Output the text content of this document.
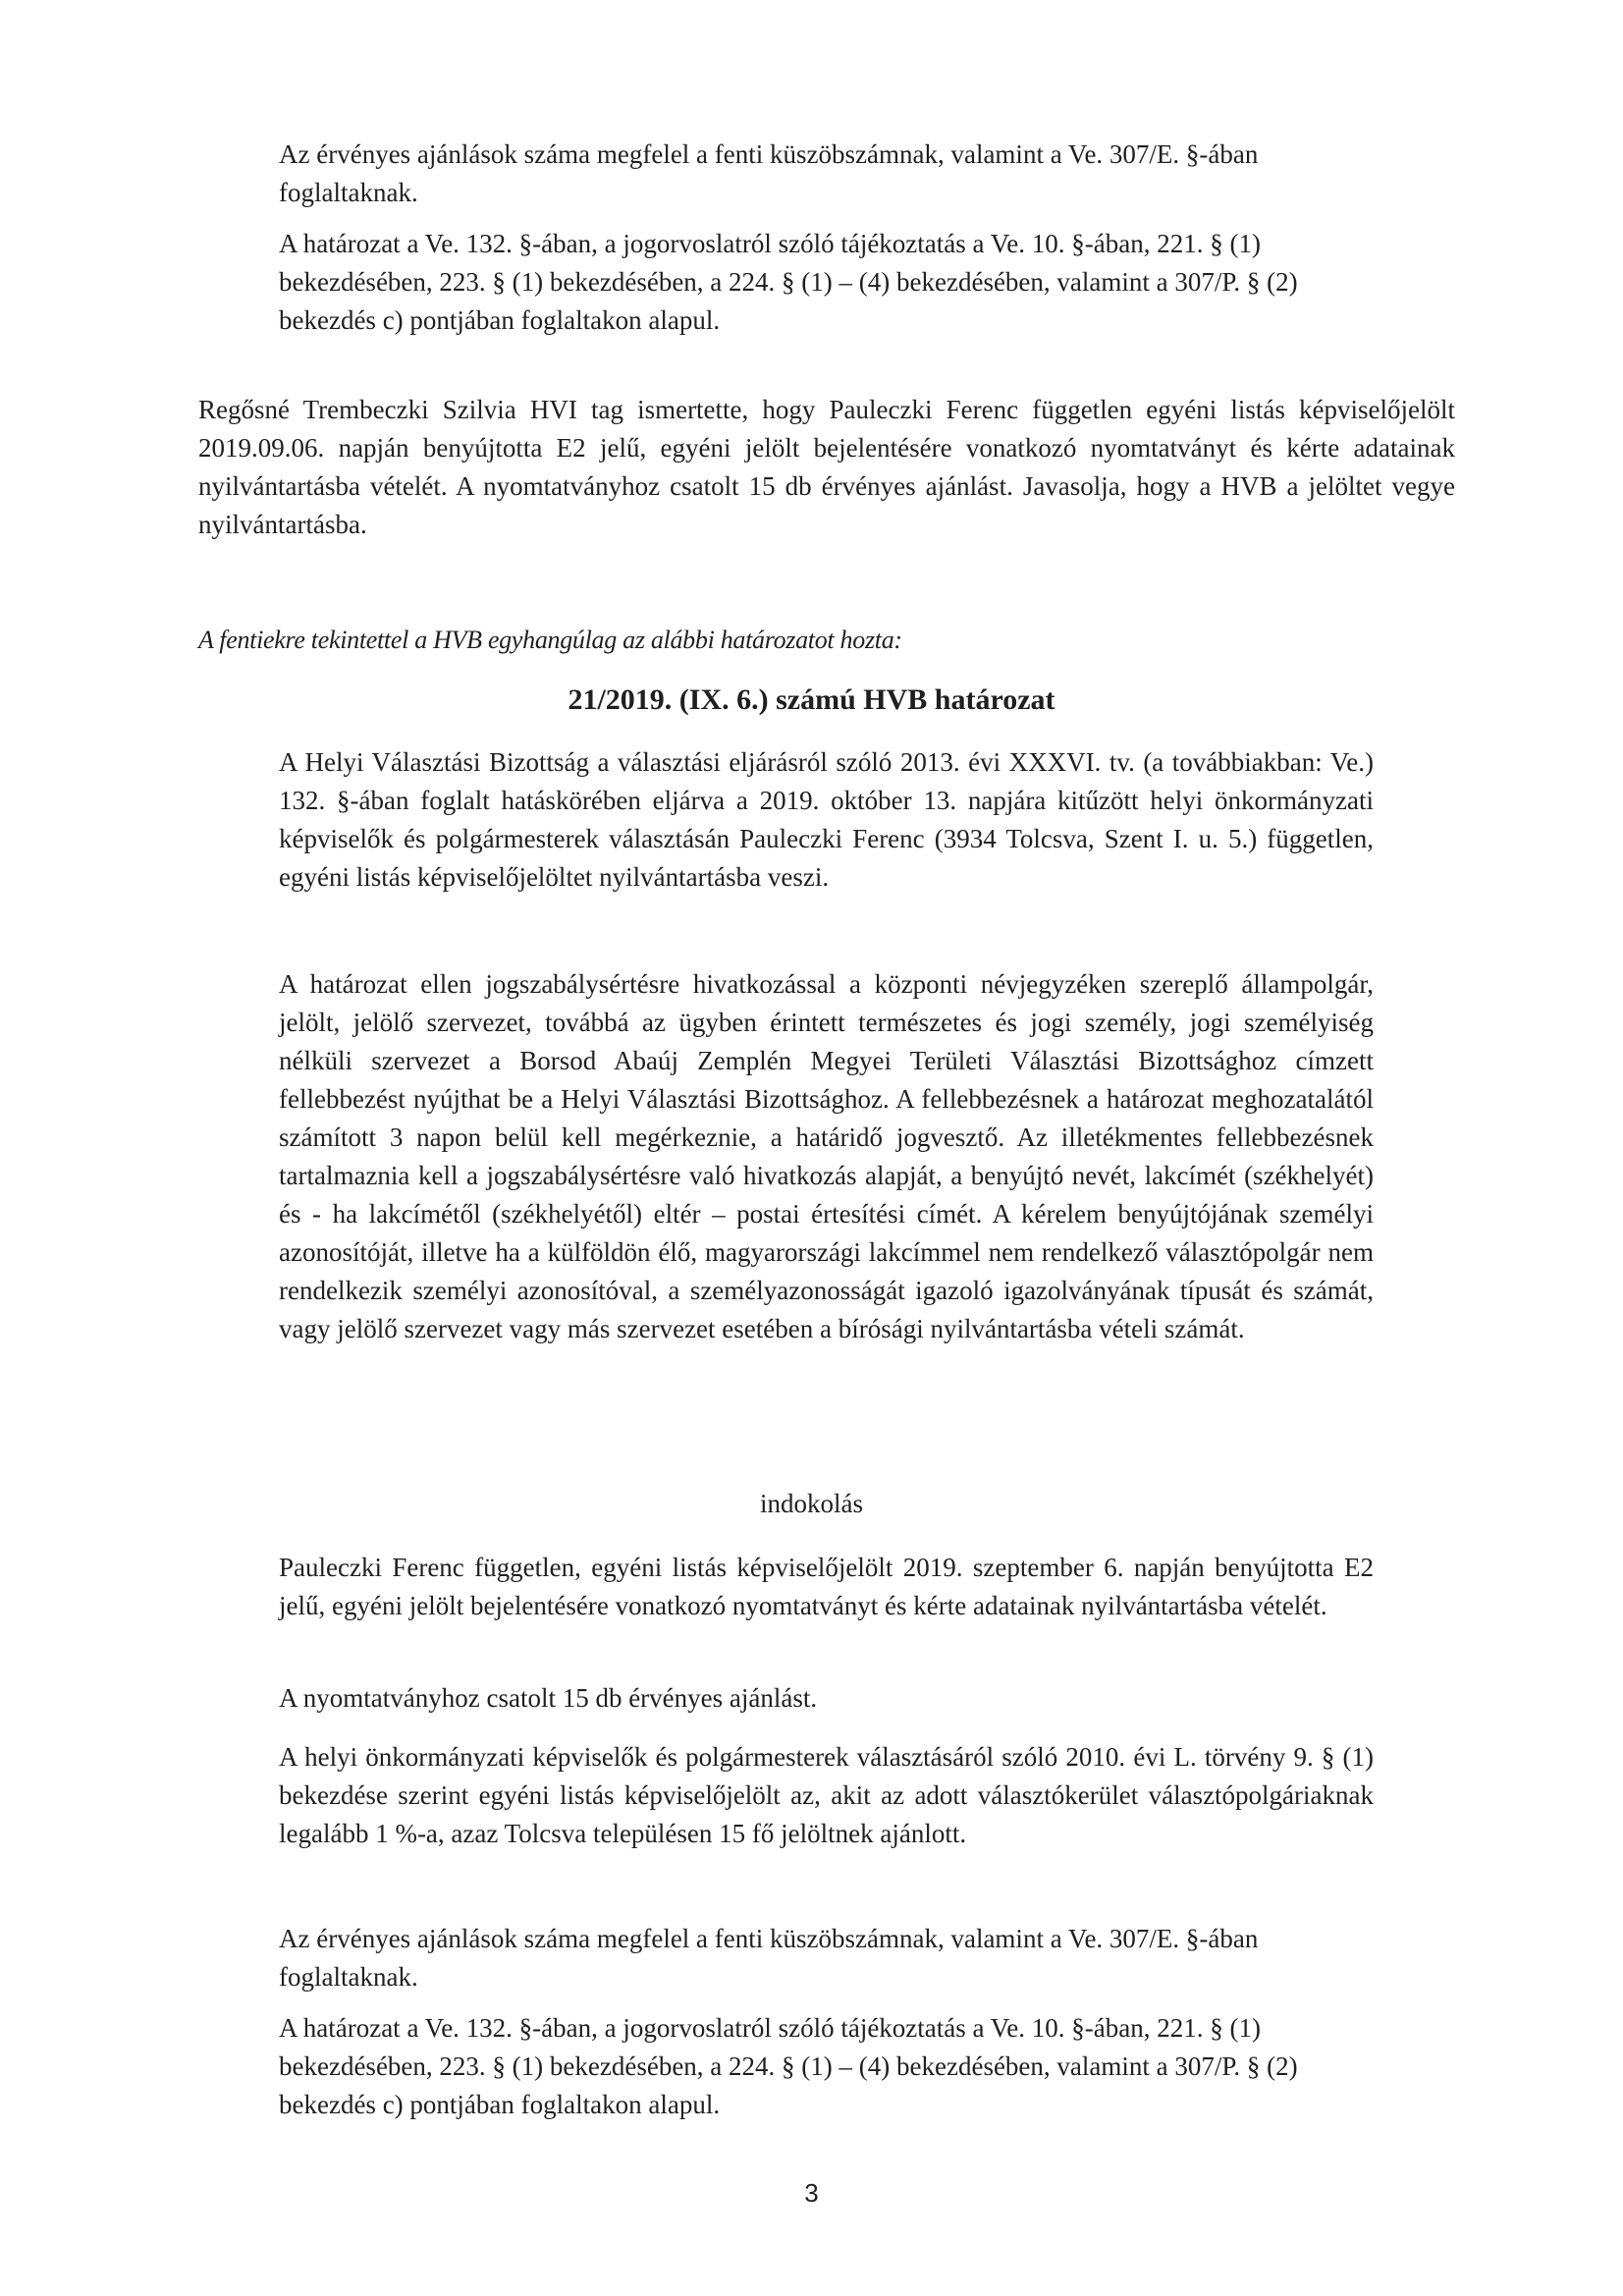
Az érvényes ajánlások száma megfelel a fenti küszöbszámnak, valamint a Ve. 307/E. §-ában foglaltaknak.

A határozat a Ve. 132. §-ában, a jogorvoslatról szóló tájékoztatás a Ve. 10. §-ában, 221. § (1) bekezdésében, 223. § (1) bekezdésében, a 224. § (1) – (4) bekezdésében, valamint a 307/P. § (2) bekezdés c) pontjában foglaltakon alapul.

Regősné Trembeczki Szilvia HVI tag ismertette, hogy Pauleczki Ferenc független egyéni listás képviselőjelölt 2019.09.06. napján benyújtotta E2 jelű, egyéni jelölt bejelentésére vonatkozó nyomtatványt és kérte adatainak nyilvántartásba vételét. A nyomtatványhoz csatolt 15 db érvényes ajánlást. Javasolja, hogy a HVB a jelöltet vegye nyilvántartásba.

A fentiekre tekintettel a HVB egyhangúlag az alábbi határozatot hozta:

21/2019. (IX. 6.) számú HVB határozat

A Helyi Választási Bizottság a választási eljárásról szóló 2013. évi XXXVI. tv. (a továbbiakban: Ve.) 132. §-ában foglalt hatáskörében eljárva a 2019. október 13. napjára kitűzött helyi önkormányzati képviselők és polgármesterek választásán Pauleczki Ferenc (3934 Tolcsva, Szent I. u. 5.) független, egyéni listás képviselőjelöltet nyilvántartásba veszi.

A határozat ellen jogszabálysértésre hivatkozással a központi névjegyzéken szereplő állampolgár, jelölt, jelölő szervezet, továbbá az ügyben érintett természetes és jogi személy, jogi személyiség nélküli szervezet a Borsod Abaúj Zemplén Megyei Területi Választási Bizottsághoz címzett fellebbezést nyújthat be a Helyi Választási Bizottsághoz. A fellebbezésnek a határozat meghozatalától számított 3 napon belül kell megérkeznie, a határidő jogvesztő. Az illetékmentes fellebbezésnek tartalmaznia kell a jogszabálysértésre való hivatkozás alapját, a benyújtó nevét, lakcímét (székhelyét) és - ha lakcímétől (székhelyétől) eltér – postai értesítési címét. A kérelem benyújtójának személyi azonosítóját, illetve ha a külföldön élő, magyarországi lakcímmel nem rendelkező választópolgár nem rendelkezik személyi azonosítóval, a személyazonosságát igazoló igazolványának típusát és számát, vagy jelölő szervezet vagy más szervezet esetében a bírósági nyilvántartásba vételi számát.

indokolás

Pauleczki Ferenc független, egyéni listás képviselőjelölt 2019. szeptember 6. napján benyújtotta E2 jelű, egyéni jelölt bejelentésére vonatkozó nyomtatványt és kérte adatainak nyilvántartásba vételét.

A nyomtatványhoz csatolt 15 db érvényes ajánlást.

A helyi önkormányzati képviselők és polgármesterek választásáról szóló 2010. évi L. törvény 9. § (1) bekezdése szerint egyéni listás képviselőjelölt az, akit az adott választókerület választópolgáriaknak legalább 1 %-a, azaz Tolcsva településen 15 fő jelöltnek ajánlott.

Az érvényes ajánlások száma megfelel a fenti küszöbszámnak, valamint a Ve. 307/E. §-ában foglaltaknak.

A határozat a Ve. 132. §-ában, a jogorvoslatról szóló tájékoztatás a Ve. 10. §-ában, 221. § (1) bekezdésében, 223. § (1) bekezdésében, a 224. § (1) – (4) bekezdésében, valamint a 307/P. § (2) bekezdés c) pontjában foglaltakon alapul.

3
